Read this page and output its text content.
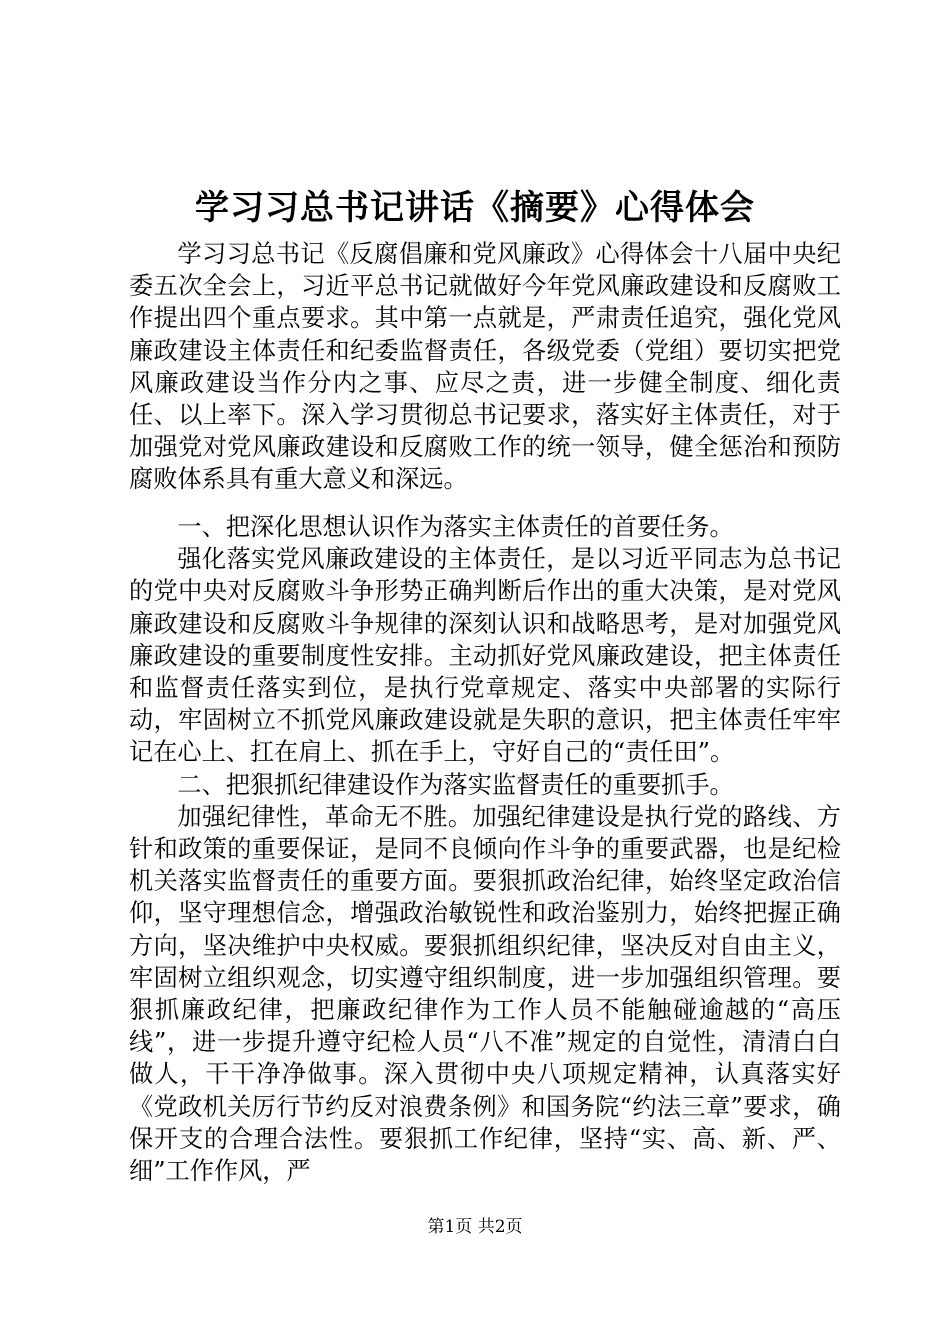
学习习总书记讲话《摘要》心得体会

学习习总书记《反腐倡廉和党风廉政》心得体会十八届中央纪委五次全会上，习近平总书记就做好今年党风廉政建设和反腐败工作提出四个重点要求。其中第一点就是，严肃责任追究，强化党风廉政建设主体责任和纪委监督责任，各级党委（党组）要切实把党风廉政建设当作分内之事、应尽之责，进一步健全制度、细化责任、以上率下。深入学习贯彻总书记要求，落实好主体责任，对于加强党对党风廉政建设和反腐败工作的统一领导，健全惩治和预防腐败体系具有重大意义和深远。

一、把深化思想认识作为落实主体责任的首要任务。

强化落实党风廉政建设的主体责任，是以习近平同志为总书记的党中央对反腐败斗争形势正确判断后作出的重大决策，是对党风廉政建设和反腐败斗争规律的深刻认识和战略思考，是对加强党风廉政建设的重要制度性安排。主动抓好党风廉政建设，把主体责任和监督责任落实到位，是执行党章规定、落实中央部署的实际行动，牢固树立不抓党风廉政建设就是失职的意识，把主体责任牢牢记在心上、扛在肩上、抓在手上，守好自己的“责任田”。

二、把狠抓纪律建设作为落实监督责任的重要抓手。

加强纪律性，革命无不胜。加强纪律建设是执行党的路线、方针和政策的重要保证，是同不良倾向作斗争的重要武器，也是纪检机关落实监督责任的重要方面。要狠抓政治纪律，始终坚定政治信仰，坚守理想信念，增强政治敏锐性和政治鉴别力，始终把握正确方向，坚决维护中央权威。要狠抓组织纪律，坚决反对自由主义，牢固树立组织观念，切实遵守组织制度，进一步加强组织管理。要狠抓廉政纪律，把廉政纪律作为工作人员不能触碰逾越的“高压线”，进一步提升遵守纪检人员“八不准”规定的自觉性，清清白白做人，干干净净做事。深入贯彻中央八项规定精神，认真落实好《党政机关厉行节约反对浪费条例》和国务院“约法三章”要求，确保开支的合理合法性。要狠抓工作纪律，坚持“实、高、新、严、细”工作作风，严

第1页 共2页
